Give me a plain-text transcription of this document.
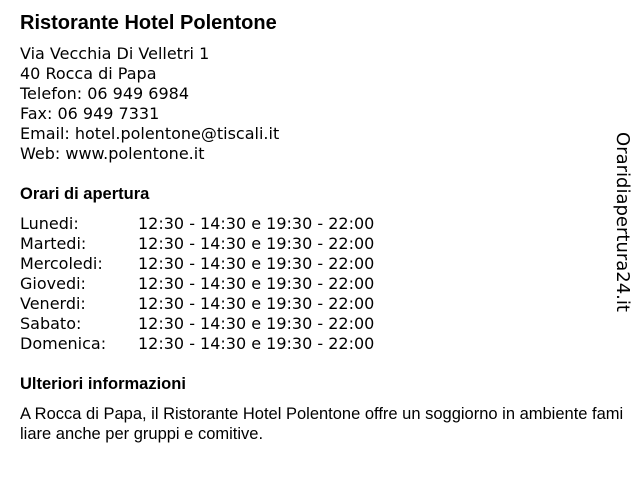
Ristorante Hotel Polentone
Via Vecchia Di Velletri 1
40 Rocca di Papa
Telefon: 06 949 6984
Fax: 06 949 7331
Email: hotel.polentone@tiscali.it
Web: www.polentone.it
Orari di apertura
Lunedi:	12:30 - 14:30 e 19:30 - 22:00
Martedi:	12:30 - 14:30 e 19:30 - 22:00
Mercoledi: 12:30 - 14:30 e 19:30 - 22:00
Giovedi:	12:30 - 14:30 e 19:30 - 22:00
Venerdi:	12:30 - 14:30 e 19:30 - 22:00
Sabato:	12:30 - 14:30 e 19:30 - 22:00
Domenica: 12:30 - 14:30 e 19:30 - 22:00
Ulteriori informazioni
A Rocca di Papa, il Ristorante Hotel Polentone offre un soggiorno in ambiente familiare anche per gruppi e comitive.
Oraridiapertura24.it
